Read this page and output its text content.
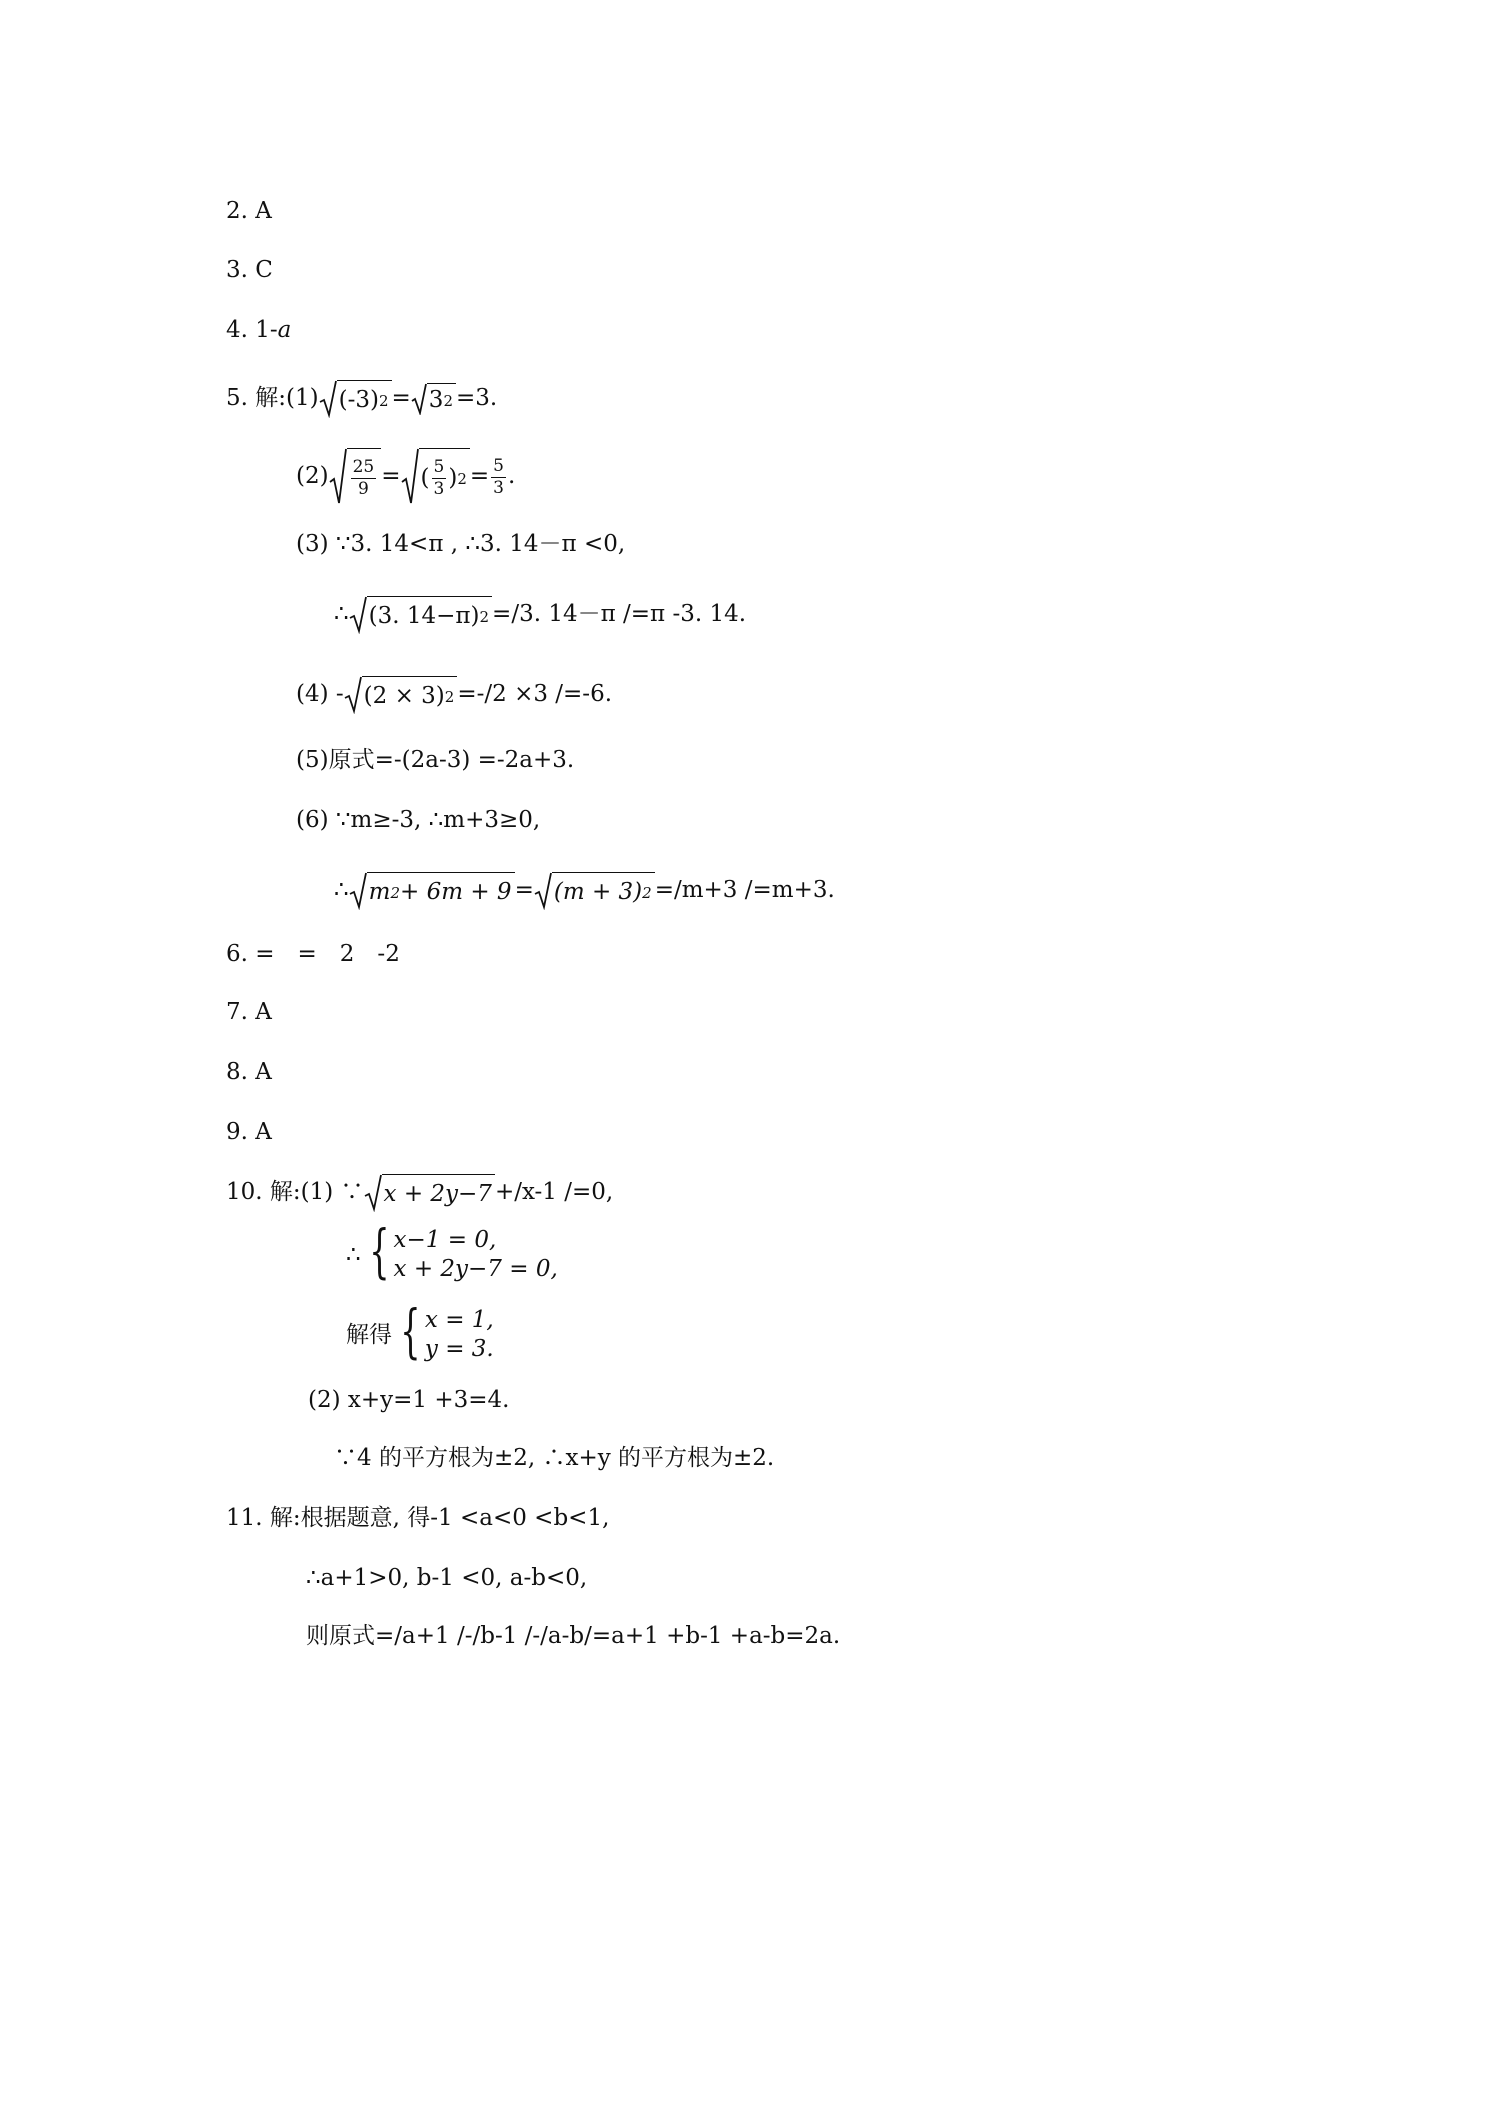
2. A
3. C
4. 1-a
5. 解:(1) (-3) 2 = 3 2 =3.
$(2) \frac{25}{9}$ = ( $\frac{5}{3}$ ) $2 = \frac{5}{3}$ .
(3) ∵3. 14<π , ∴3. 14－π <0,
∴ (3. 14−π) 2 =/3. 14－π /=π -3. 14.
(4) - (2 × 3) 2 =-/2 ×3 /=-6.
(5)原式=-(2a-3) =-2a+3.
(6) ∵m≥-3, ∴m+3≥0,
∴ m 2 + 6m + 9 = (m + 3) 2 =/m+3 /=m+3.
6. =　=　2　-2
7. A
8. A
9. A
10. 解:(1) ∵ x + 2y−7 +/x-1 /=0,
∴ { x−1 = 0,
x + 2y−7 = 0,
解得 { x = 1,
y = 3.
(2) x+y=1 +3=4.
∵4 的平方根为±2, ∴x+y 的平方根为±2.
11. 解:根据题意, 得-1 <a<0 <b<1,
∴a+1>0, b-1 <0, a-b<0,
则原式=/a+1 /-/b-1 /-/a-b/=a+1 +b-1 +a-b=2a.
